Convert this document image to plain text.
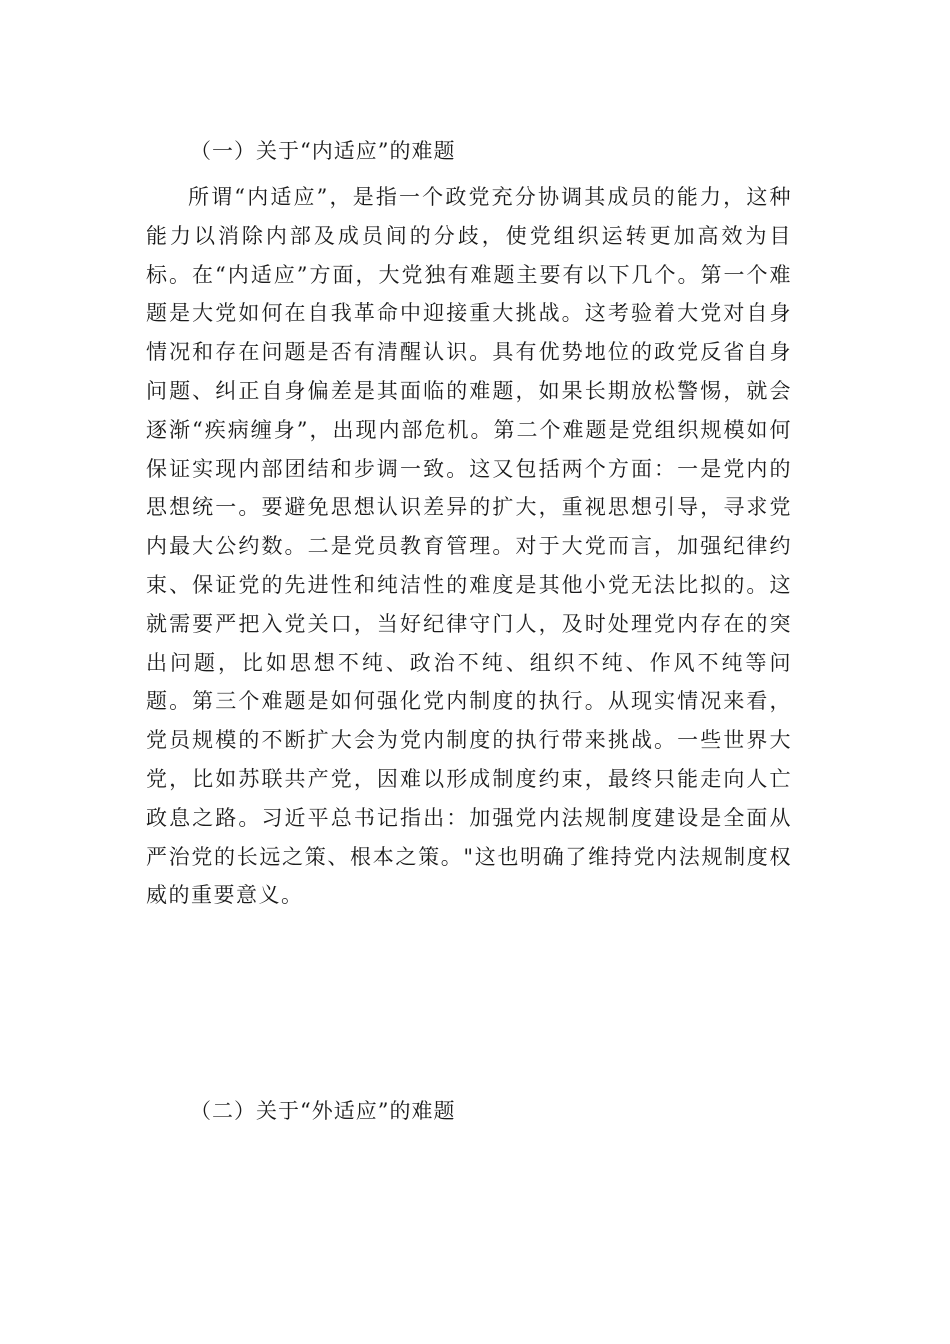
（一）关于“内适应”的难题

所谓“内适应”，是指一个政党充分协调其成员的能力，这种能力以消除内部及成员间的分歧，使党组织运转更加高效为目标。在“内适应”方面，大党独有难题主要有以下几个。第一个难题是大党如何在自我革命中迎接重大挑战。这考验着大党对自身情况和存在问题是否有清醒认识。具有优势地位的政党反省自身问题、纠正自身偏差是其面临的难题，如果长期放松警惕，就会逐渐“疾病缠身”，出现内部危机。第二个难题是党组织规模如何保证实现内部团结和步调一致。这又包括两个方面：一是党内的思想统一。要避免思想认识差异的扩大，重视思想引导，寻求党内最大公约数。二是党员教育管理。对于大党而言，加强纪律约束、保证党的先进性和纯洁性的难度是其他小党无法比拟的。这就需要严把入党关口，当好纪律守门人，及时处理党内存在的突出问题，比如思想不纯、政治不纯、组织不纯、作风不纯等问题。第三个难题是如何强化党内制度的执行。从现实情况来看，党员规模的不断扩大会为党内制度的执行带来挑战。一些世界大党，比如苏联共产党，因难以形成制度约束，最终只能走向人亡政息之路。习近平总书记指出：加强党内法规制度建设是全面从严治党的长远之策、根本之策。"这也明确了维持党内法规制度权威的重要意义。

（二）关于“外适应”的难题
